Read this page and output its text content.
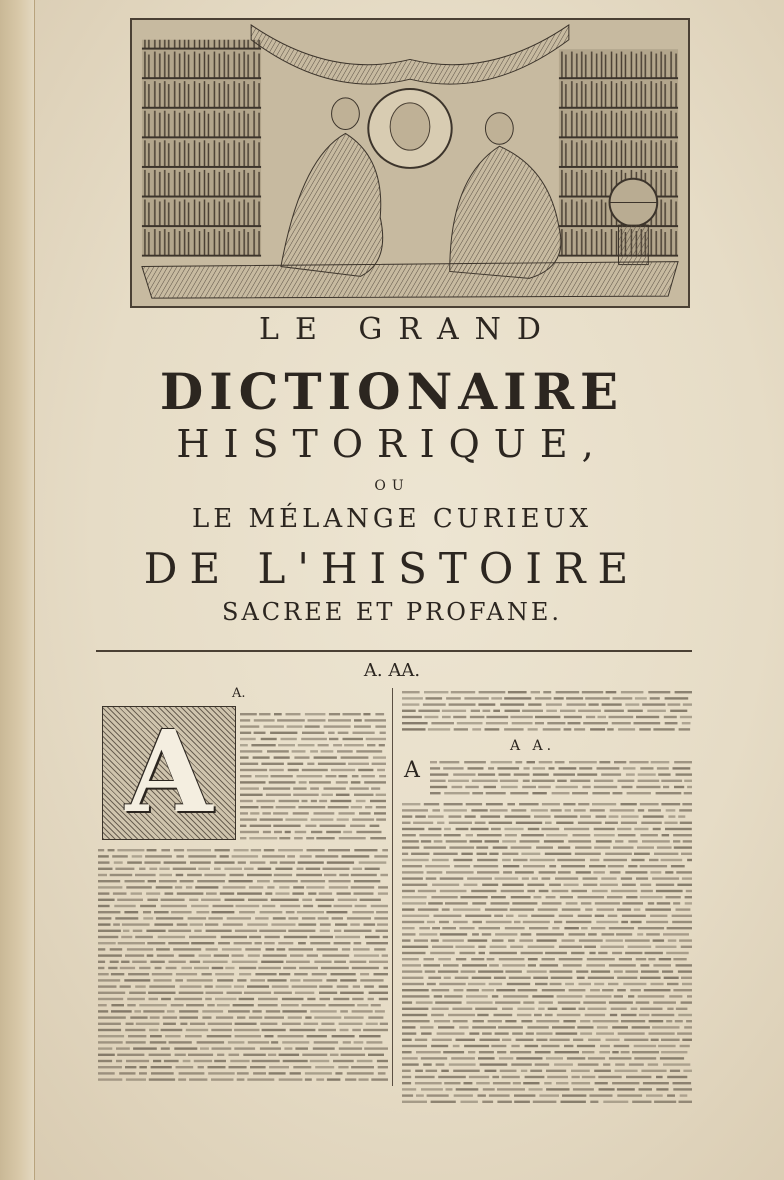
LE GRAND
DICTIONAIRE
HISTORIQUE,
OU
LE MÉLANGE CURIEUX
DE L'HISTOIRE
SACREE ET PROFANE.
A. AA.
A.
A	A A.
A
